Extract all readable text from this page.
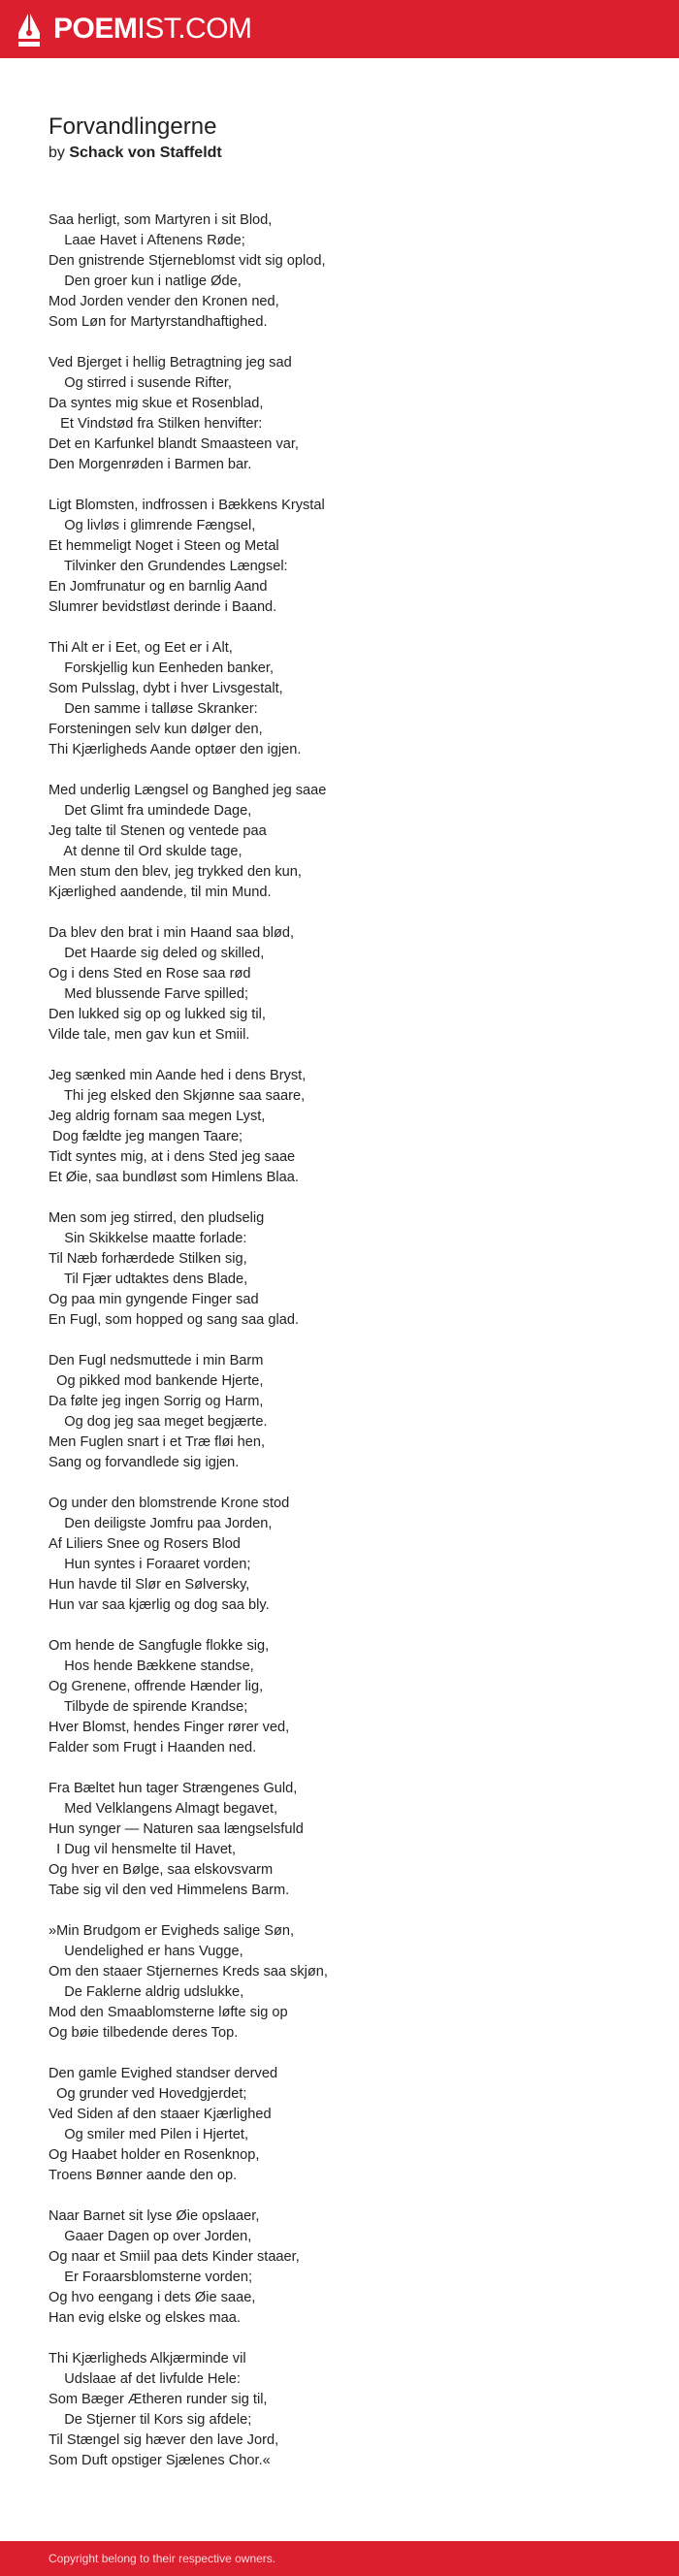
POEMIST.COM
Forvandlingerne
by Schack von Staffeldt
Saa herligt, som Martyren i sit Blod,
Laae Havet i Aftenens Røde;
Den gnistrende Stjerneblomst vidt sig oplod,
Den groer kun i natlige Øde,
Mod Jorden vender den Kronen ned,
Som Løn for Martyrstandhaftighed.
Ved Bjerget i hellig Betragtning jeg sad
Og stirred i susende Rifter,
Da syntes mig skue et Rosenblad,
Et Vindstød fra Stilken henvifter:
Det en Karfunkel blandt Smaasteen var,
Den Morgenrøden i Barmen bar.
Ligt Blomsten, indfrossen i Bækkens Krystal
Og livløs i glimrende Fængsel,
Et hemmeligt Noget i Steen og Metal
Tilvinker den Grundendes Længsel:
En Jomfrunatur og en barnlig Aand
Slumrer bevidstløst derinde i Baand.
Thi Alt er i Eet, og Eet er i Alt,
Forskjellig kun Eenheden banker,
Som Pulsslag, dybt i hver Livsgestalt,
Den samme i talløse Skranker:
Forsteningen selv kun dølger den,
Thi Kjærligheds Aande optøer den igjen.
Med underlig Længsel og Banghed jeg saae
Det Glimt fra umindede Dage,
Jeg talte til Stenen og ventede paa
At denne til Ord skulde tage,
Men stum den blev, jeg trykked den kun,
Kjærlighed aandende, til min Mund.
Da blev den brat i min Haand saa blød,
Det Haarde sig deled og skilled,
Og i dens Sted en Rose saa rød
Med blussende Farve spilled;
Den lukked sig op og lukked sig til,
Vilde tale, men gav kun et Smiil.
Jeg sænked min Aande hed i dens Bryst,
Thi jeg elsked den Skjønne saa saare,
Jeg aldrig fornam saa megen Lyst,
Dog fældte jeg mangen Taare;
Tidt syntes mig, at i dens Sted jeg saae
Et Øie, saa bundløst som Himlens Blaa.
Men som jeg stirred, den pludselig
Sin Skikkelse maatte forlade:
Til Næb forhærdede Stilken sig,
Til Fjær udtaktes dens Blade,
Og paa min gyngende Finger sad
En Fugl, som hopped og sang saa glad.
Den Fugl nedsmuttede i min Barm
Og pikked mod bankende Hjerte,
Da følte jeg ingen Sorrig og Harm,
Og dog jeg saa meget begjærte.
Men Fuglen snart i et Træ fløi hen,
Sang og forvandlede sig igjen.
Og under den blomstrende Krone stod
Den deiligste Jomfru paa Jorden,
Af Liliers Snee og Rosers Blod
Hun syntes i Foraaret vorden;
Hun havde til Slør en Sølversky,
Hun var saa kjærlig og dog saa bly.
Om hende de Sangfugle flokke sig,
Hos hende Bækkene standse,
Og Grenene, offrende Hænder lig,
Tilbyde de spirende Krandse;
Hver Blomst, hendes Finger rører ved,
Falder som Frugt i Haanden ned.
Fra Bæltet hun tager Strængenes Guld,
Med Velklangens Almagt begavet,
Hun synger — Naturen saa længselsfuld
I Dug vil hensmelte til Havet,
Og hver en Bølge, saa elskovsvarm
Tabe sig vil den ved Himmelens Barm.
»Min Brudgom er Evigheds salige Søn,
Uendelighed er hans Vugge,
Om den staaer Stjernernes Kreds saa skjøn,
De Faklerne aldrig udslukke,
Mod den Smaablomsterne løfte sig op
Og bøie tilbedende deres Top.
Den gamle Evighed standser derved
Og grunder ved Hovedgjerdet;
Ved Siden af den staaer Kjærlighed
Og smiler med Pilen i Hjertet,
Og Haabet holder en Rosenknop,
Troens Bønner aande den op.
Naar Barnet sit lyse Øie opslaaer,
Gaaer Dagen op over Jorden,
Og naar et Smiil paa dets Kinder staaer,
Er Foraarsblomsterne vorden;
Og hvo eengang i dets Øie saae,
Han evig elske og elskes maa.
Thi Kjærligheds Alkjærminde vil
Udslaae af det livfulde Hele:
Som Bæger Ætheren runder sig til,
De Stjerner til Kors sig afdele;
Til Stængel sig hæver den lave Jord,
Som Duft opstiger Sjælenes Chor.«
Copyright belong to their respective owners.
